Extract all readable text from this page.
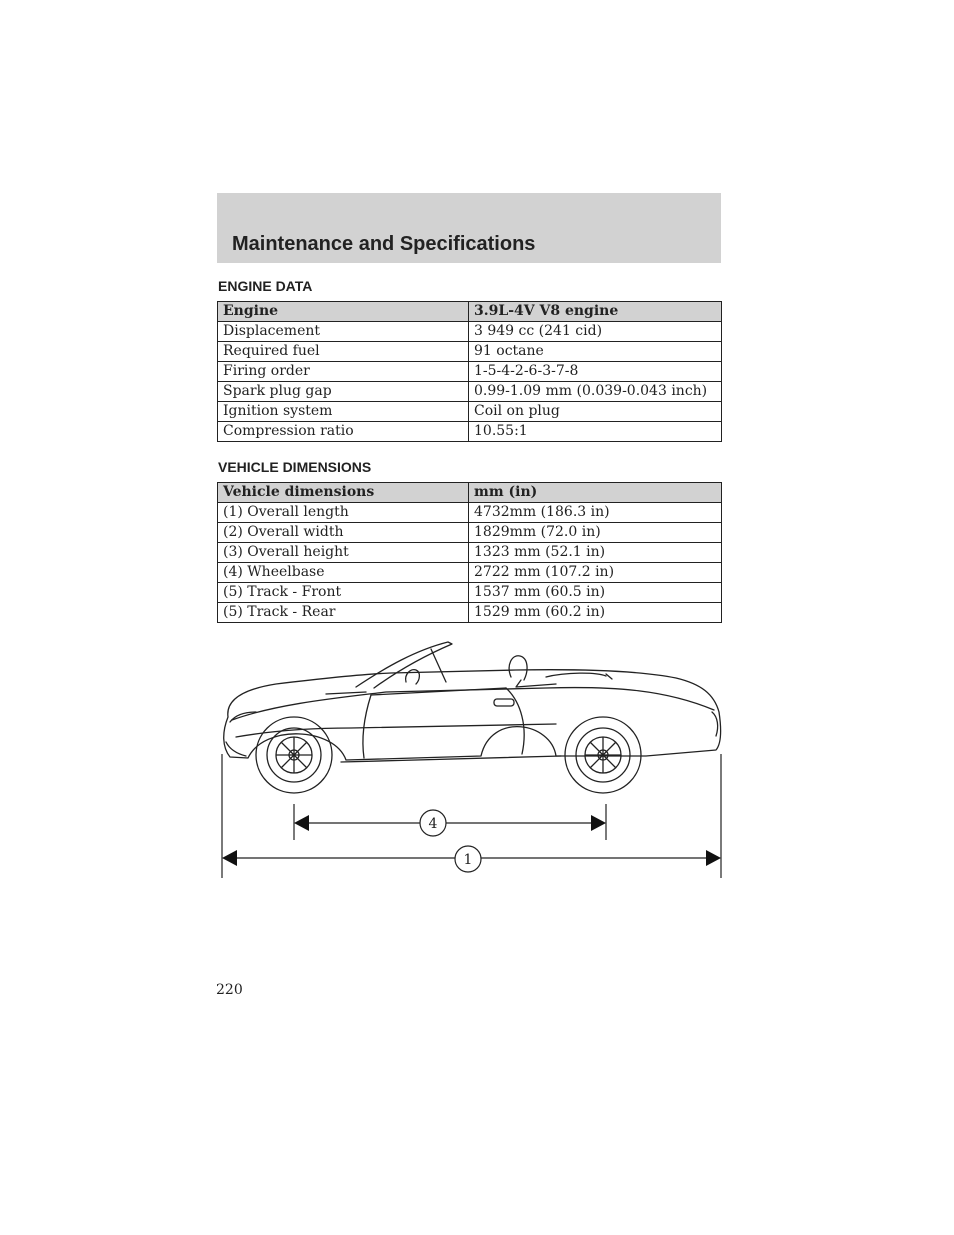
Maintenance and Specifications
ENGINE DATA
Engine	3.9L-4V V8 engine
Displacement	3 949 cc (241 cid)
Required fuel	91 octane
Firing order	1-5-4-2-6-3-7-8
Spark plug gap	0.99-1.09 mm (0.039-0.043 inch)
Ignition system	Coil on plug
Compression ratio	10.55:1
VEHICLE DIMENSIONS
Vehicle dimensions	mm (in)
(1) Overall length	4732mm (186.3 in)
(2) Overall width	1829mm (72.0 in)
(3) Overall height	1323 mm (52.1 in)
(4) Wheelbase	2722 mm (107.2 in)
(5) Track - Front	1537 mm (60.5 in)
(5) Track - Rear	1529 mm (60.2 in)
4
1
220
